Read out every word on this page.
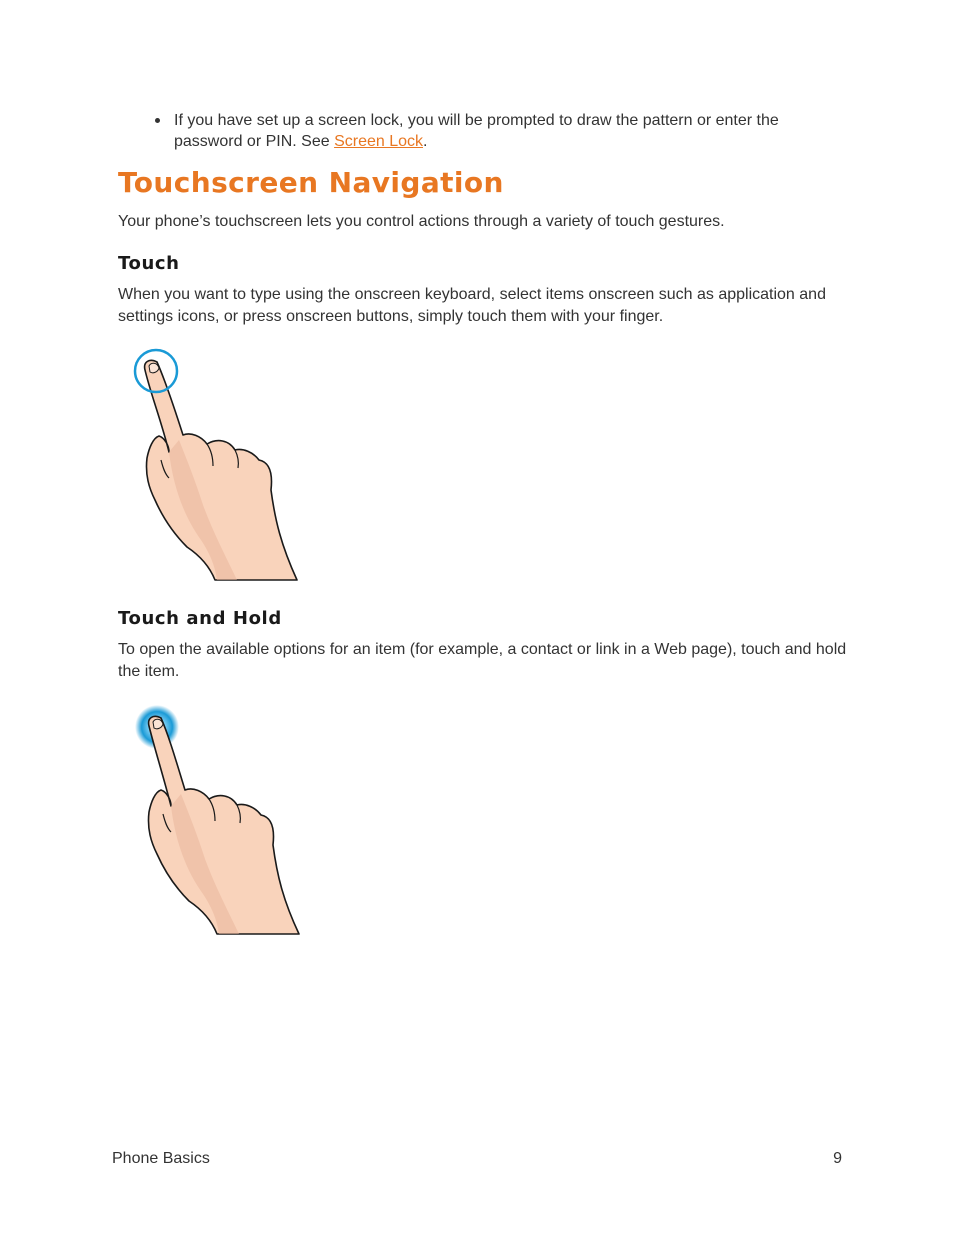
If you have set up a screen lock, you will be prompted to draw the pattern or enter the password or PIN. See Screen Lock.
Touchscreen Navigation

Your phone’s touchscreen lets you control actions through a variety of touch gestures.

Touch

When you want to type using the onscreen keyboard, select items onscreen such as application and settings icons, or press onscreen buttons, simply touch them with your finger.

Touch and Hold

To open the available options for an item (for example, a contact or link in a Web page), touch and hold the item.

Phone Basics	9
